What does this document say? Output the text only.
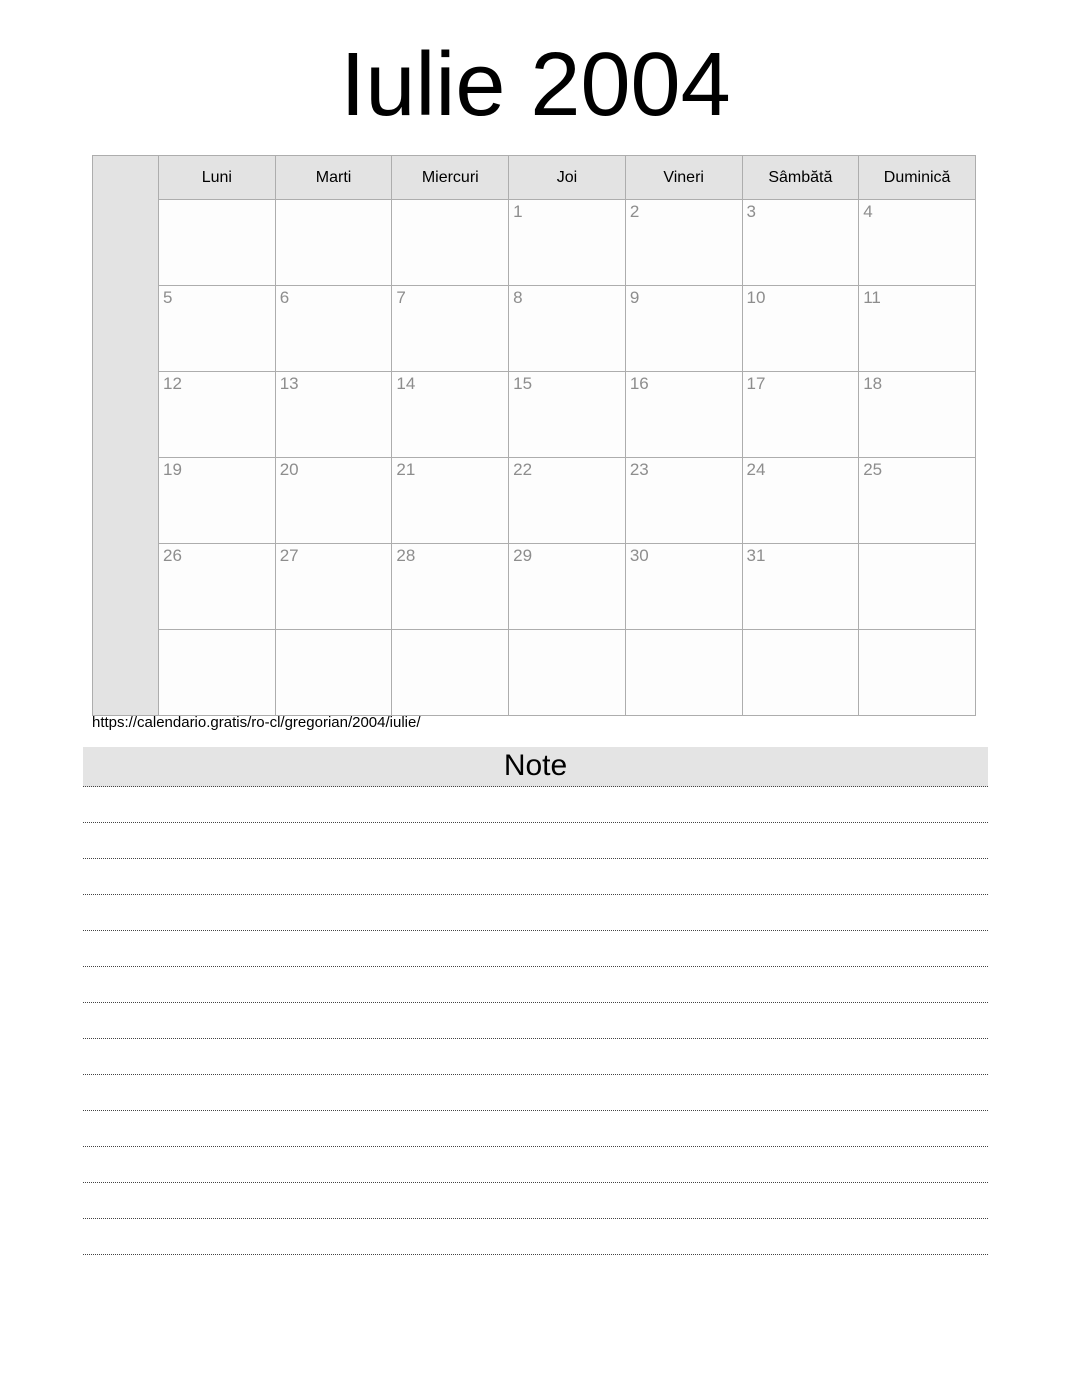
Iulie 2004
	Luni	Marti	Miercuri	Joi	Vineri	Sâmbătă	Duminică
				1	2	3	4
	5	6	7	8	9	10	11
	12	13	14	15	16	17	18
	19	20	21	22	23	24	25
	26	27	28	29	30	31	

https://calendario.gratis/ro-cl/gregorian/2004/iulie/
Note
